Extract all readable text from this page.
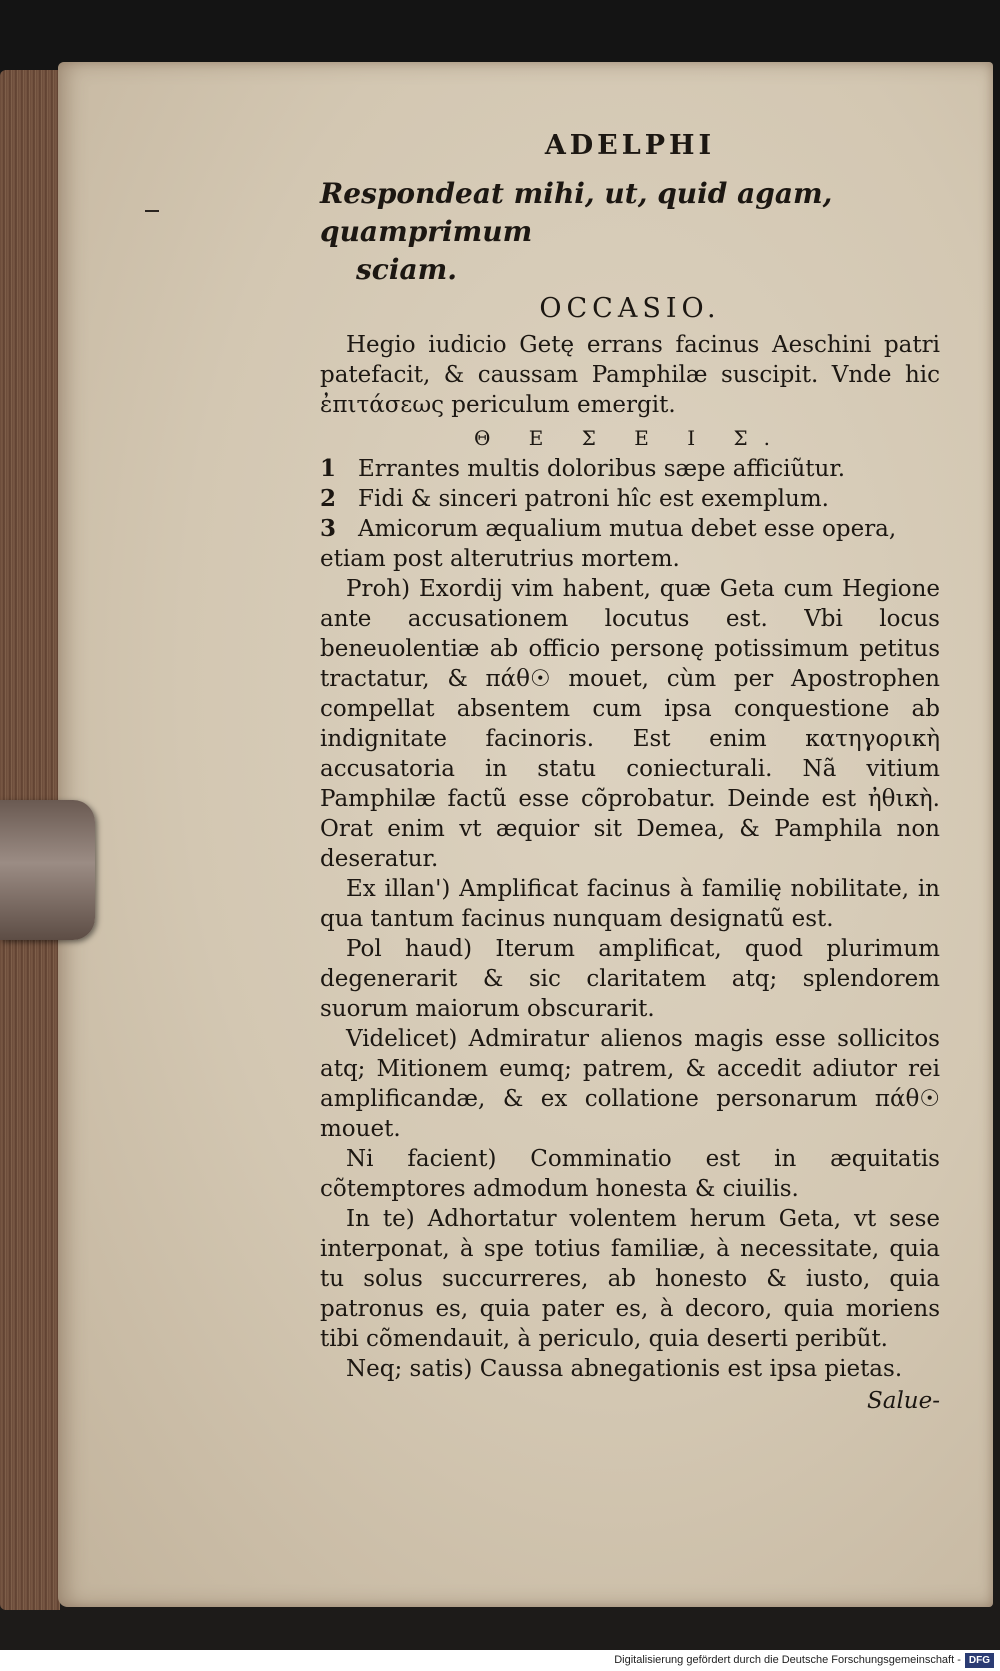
ADELPHI

Respondeat mihi, ut, quid agam, quamprimum
sciam.

OCCASIO.

Hegio iudicio Getę errans facinus Aeschini patri patefacit, & caussam Pamphilæ suscipit. Vnde hic ἐπιτάσεως periculum emergit.

Θ Ε Σ Ε Ι Σ.
1 Errantes multis doloribus sæpe afficiũtur.
2 Fidi & sinceri patroni hîc est exemplum.
3 Amicorum æqualium mutua debet esse opera,

etiam post alterutrius mortem.

Proh) Exordij vim habent, quæ Geta cum Hegione ante accusationem locutus est. Vbi locus beneuolentiæ ab officio personę potissimum petitus tractatur, & πάθ☉ mouet, cùm per Apostrophen compellat absentem cum ipsa conquestione ab indignitate facinoris. Est enim κατηγορικὴ accusatoria in statu coniecturali. Nã vitium Pamphilæ factũ esse cõprobatur. Deinde est ἠθικὴ. Orat enim vt æquior sit Demea, & Pamphila non deseratur.

Ex illan') Amplificat facinus à familię nobilitate, in qua tantum facinus nunquam designatũ est.

Pol haud) Iterum amplificat, quod plurimum degenerarit & sic claritatem atq; splendorem suorum maiorum obscurarit.

Videlicet) Admiratur alienos magis esse sollicitos atq; Mitionem eumq; patrem, & accedit adiutor rei amplificandæ, & ex collatione personarum πάθ☉ mouet.

Ni facient) Comminatio est in æquitatis cõtemptores admodum honesta & ciuilis.

In te) Adhortatur volentem herum Geta, vt sese interponat, à spe totius familiæ, à necessitate, quia tu solus succurreres, ab honesto & iusto, quia patronus es, quia pater es, à decoro, quia moriens tibi cõmendauit, à periculo, quia deserti peribũt.

Neq; satis) Caussa abnegationis est ipsa pietas.

Salue-
Digitalisierung gefördert durch die Deutsche Forschungsgemeinschaft - DFG
